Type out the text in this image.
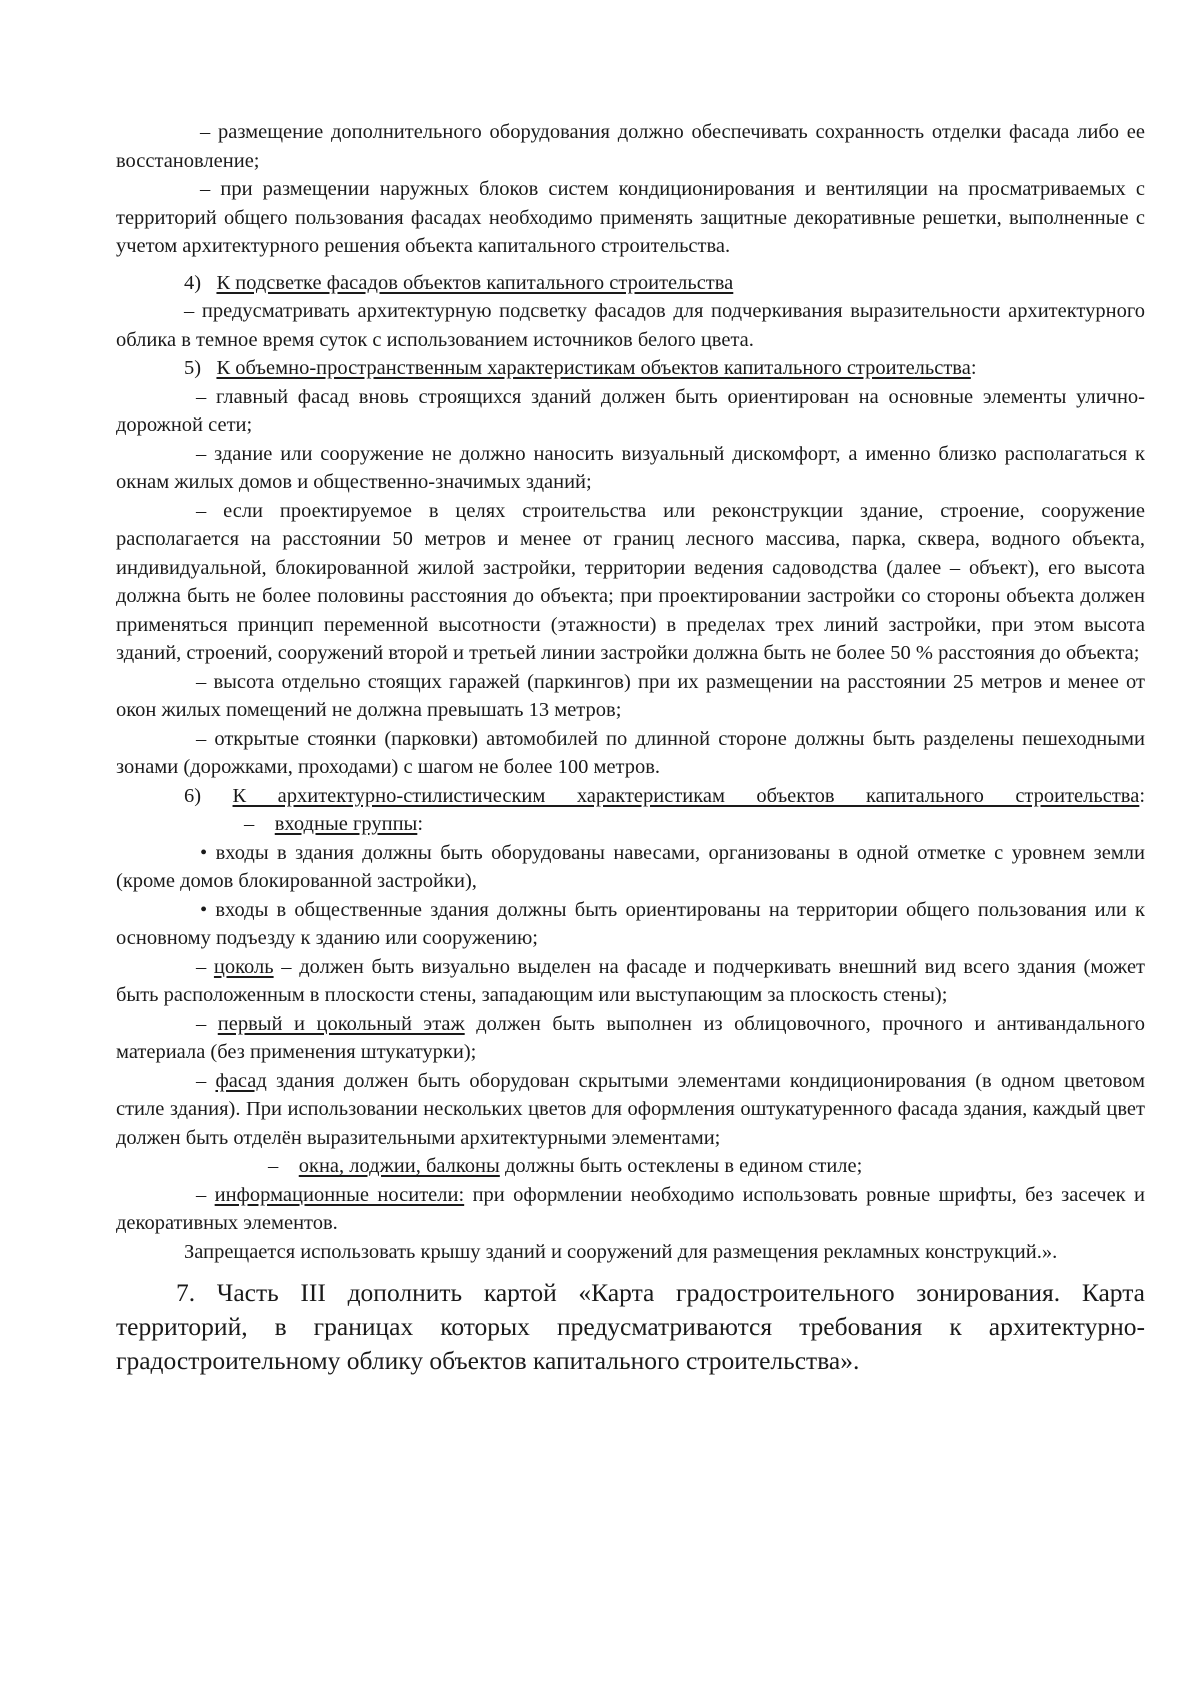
– размещение дополнительного оборудования должно обеспечивать сохранность отделки фасада либо ее восстановление;

– при размещении наружных блоков систем кондиционирования и вентиляции на просматриваемых с территорий общего пользования фасадах необходимо применять защитные декоративные решетки, выполненные с учетом архитектурного решения объекта капитального строительства.

4) К подсветке фасадов объектов капитального строительства

– предусматривать архитектурную подсветку фасадов для подчеркивания выразительности архитектурного облика в темное время суток с использованием источников белого цвета.

5) К объемно-пространственным характеристикам объектов капитального строительства:

– главный фасад вновь строящихся зданий должен быть ориентирован на основные элементы улично-дорожной сети;

– здание или сооружение не должно наносить визуальный дискомфорт, а именно близко располагаться к окнам жилых домов и общественно-значимых зданий;

– если проектируемое в целях строительства или реконструкции здание, строение, сооружение располагается на расстоянии 50 метров и менее от границ лесного массива, парка, сквера, водного объекта, индивидуальной, блокированной жилой застройки, территории ведения садоводства (далее – объект), его высота должна быть не более половины расстояния до объекта; при проектировании застройки со стороны объекта должен применяться принцип переменной высотности (этажности) в пределах трех линий застройки, при этом высота зданий, строений, сооружений второй и третьей линии застройки должна быть не более 50 % расстояния до объекта;

– высота отдельно стоящих гаражей (паркингов) при их размещении на расстоянии 25 метров и менее от окон жилых помещений не должна превышать 13 метров;

– открытые стоянки (парковки) автомобилей по длинной стороне должны быть разделены пешеходными зонами (дорожками, проходами) с шагом не более 100 метров.

6) К архитектурно-стилистическим характеристикам объектов капитального строительства:

– входные группы:

• входы в здания должны быть оборудованы навесами, организованы в одной отметке с уровнем земли (кроме домов блокированной застройки),

• входы в общественные здания должны быть ориентированы на территории общего пользования или к основному подъезду к зданию или сооружению;

– цоколь – должен быть визуально выделен на фасаде и подчеркивать внешний вид всего здания (может быть расположенным в плоскости стены, западающим или выступающим за плоскость стены);

– первый и цокольный этаж должен быть выполнен из облицовочного, прочного и антивандального материала (без применения штукатурки);

– фасад здания должен быть оборудован скрытыми элементами кондиционирования (в одном цветовом стиле здания). При использовании нескольких цветов для оформления оштукатуренного фасада здания, каждый цвет должен быть отделён выразительными архитектурными элементами;

– окна, лоджии, балконы должны быть остеклены в едином стиле;

– информационные носители: при оформлении необходимо использовать ровные шрифты, без засечек и декоративных элементов.

Запрещается использовать крышу зданий и сооружений для размещения рекламных конструкций.».

7. Часть III дополнить картой «Карта градостроительного зонирования. Карта территорий, в границах которых предусматриваются требования к архитектурно-градостроительному облику объектов капитального строительства».
